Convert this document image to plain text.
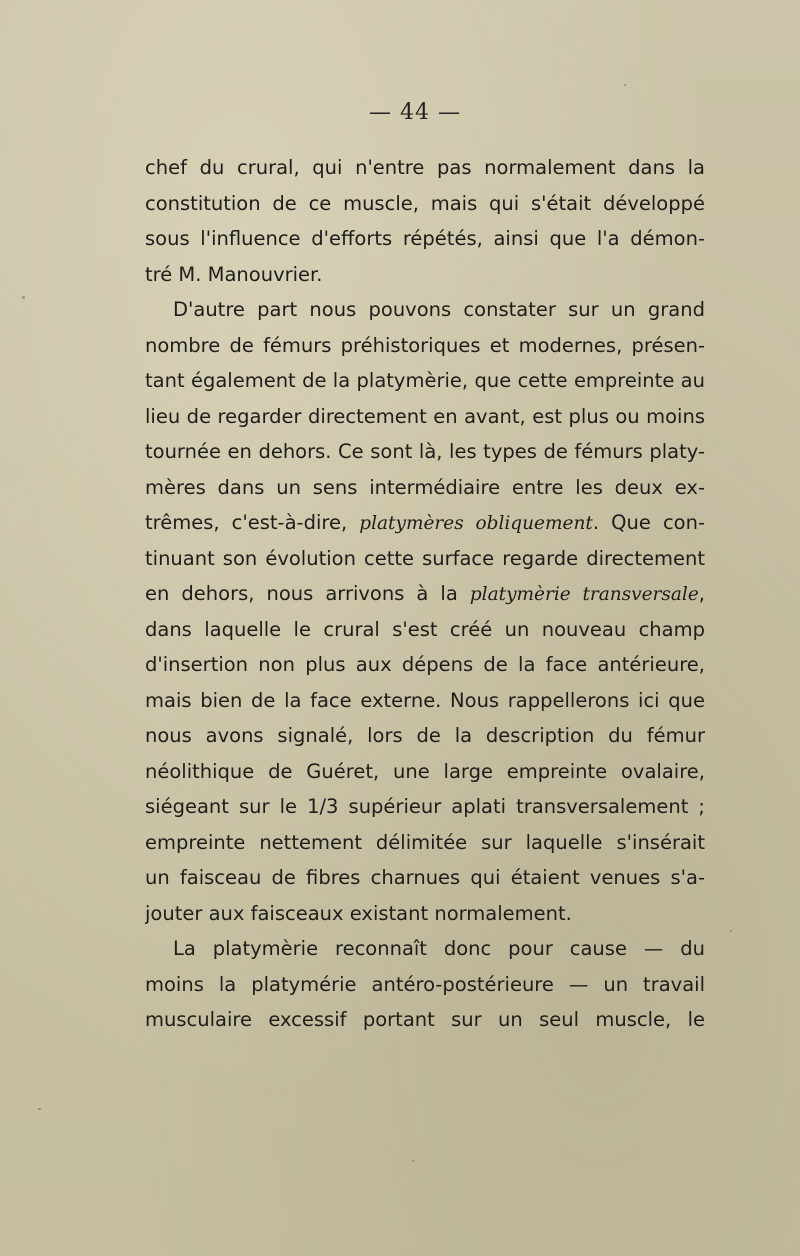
— 44 —
chef du crural, qui n'entre pas normalement dans la
constitution de ce muscle, mais qui s'était développé
sous l'influence d'efforts répétés, ainsi que l'a démon-
tré M. Manouvrier.
D'autre part nous pouvons constater sur un grand
nombre de fémurs préhistoriques et modernes, présen-
tant également de la platymèrie, que cette empreinte au
lieu de regarder directement en avant, est plus ou moins
tournée en dehors. Ce sont là, les types de fémurs platy-
mères dans un sens intermédiaire entre les deux ex-
trêmes, c'est-à-dire, platymères obliquement. Que con-
tinuant son évolution cette surface regarde directement
en dehors, nous arrivons à la platymèrie transversale,
dans laquelle le crural s'est créé un nouveau champ
d'insertion non plus aux dépens de la face antérieure,
mais bien de la face externe. Nous rappellerons ici que
nous avons signalé, lors de la description du fémur
néolithique de Guéret, une large empreinte ovalaire,
siégeant sur le 1/3 supérieur aplati transversalement ;
empreinte nettement délimitée sur laquelle s'insérait
un faisceau de fibres charnues qui étaient venues s'a-
jouter aux faisceaux existant normalement.
La platymèrie reconnaît donc pour cause — du
moins la platymérie antéro-postérieure — un travail
musculaire excessif portant sur un seul muscle, le
